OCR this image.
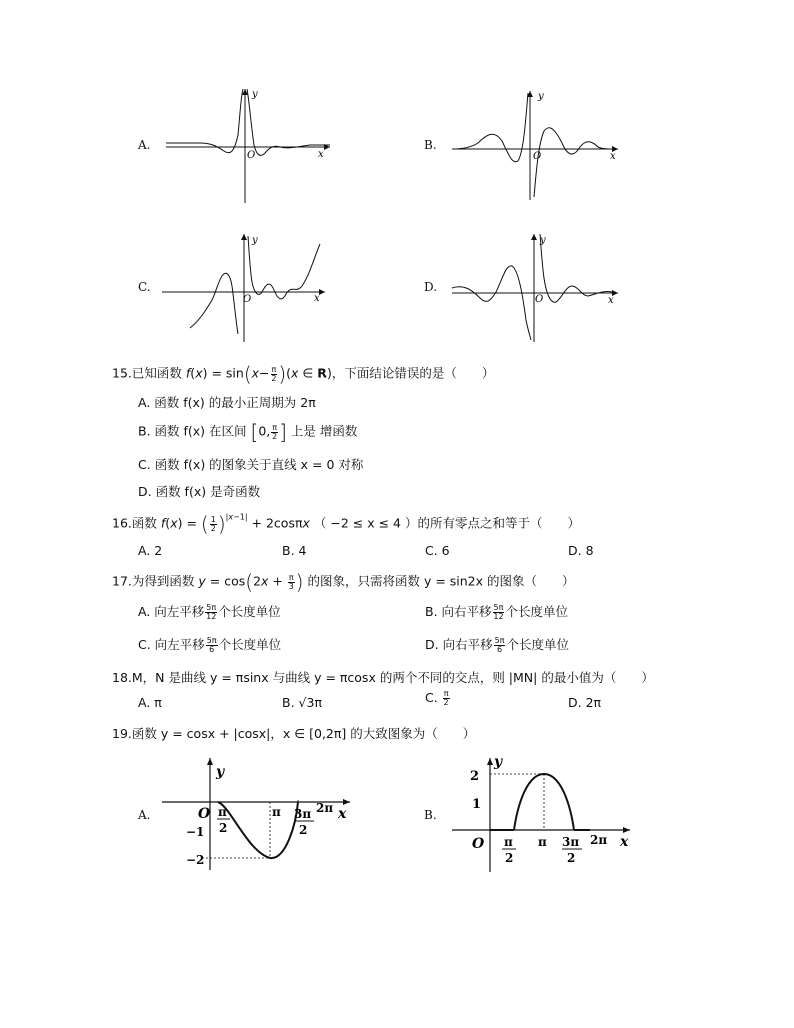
A.
y
x
O
B.
y
x
O
C.
y
x
O
D.
y
x
O
15.已知函数 $f(x) = \sin(x- \frac{\pi}{2} )(x$ ∈ R)，下面结论错误的是（　　）
A. 函数 f(x) 的最小正周期为 2π
B. 函数 f(x) 在区间 [0, $\frac{\pi}{2}$ ] 上是 增函数
C. 函数 f(x) 的图象关于直线 x = 0 对称
D. 函数 f(x) 是奇函数
16.函数 f(x) = ( $\frac{1}{2} )^{|x-1|} + 2\cos\pi x$ （ −2 ≤ x ≤ 4 ）的所有零点之和等于（　　）
A. 2	B. 4	C. 6	D. 8
17.为得到函数 $y = \cos(2x + \frac{\pi}{3}$ ) 的图象，只需将函数 y = sin2x 的图象（　　）
A. 向左平移 $\frac{5\pi}{12}$ 个长度单位	B. 向右平移 $\frac{5\pi}{12}$ 个长度单位
C. 向左平移 $\frac{5\pi}{6}$ 个长度单位	D. 向右平移 $\frac{5\pi}{6}$ 个长度单位
18.M，N 是曲线 y = πsinx 与曲线 y = πcosx 的两个不同的交点，则 |MN| 的最小值为（　　）
A. π	B. √3π	C. $\frac{\pi}{2}$	D. 2π
19.函数 y = cosx + |cosx|，x ∈ [0,2π] 的大致图象为（　　）
A.
y
x
O π
2
π 3π
2
2π
−1
−2
B.
y
x
O
2
1
π
2
π 3π
2
2π
